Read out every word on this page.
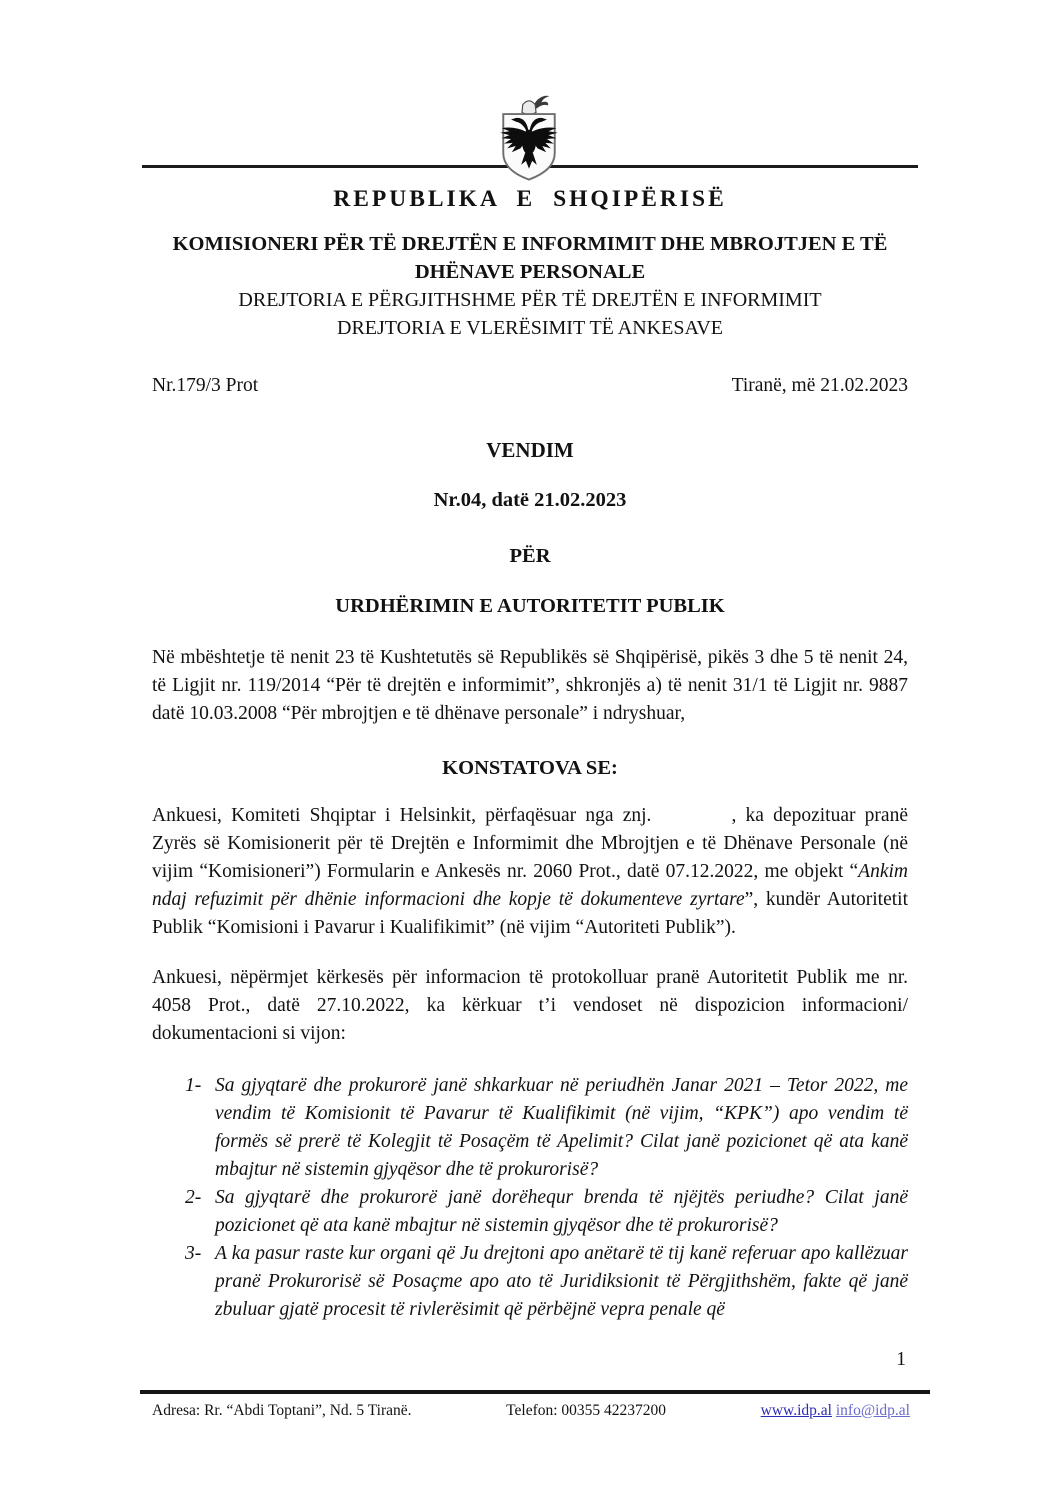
REPUBLIKA E SHQIPËRISË
KOMISIONERI PËR TË DREJTËN E INFORMIMIT DHE MBROJTJEN E TË
DHËNAVE PERSONALE
DREJTORIA E PËRGJITHSHME PËR TË DREJTËN E INFORMIMIT
DREJTORIA E VLERËSIMIT TË ANKESAVE
Nr.179/3 Prot	Tiranë, më 21.02.2023
VENDIM
Nr.04, datë 21.02.2023
PËR
URDHËRIMIN E AUTORITETIT PUBLIK
Në mbështetje të nenit 23 të Kushtetutës së Republikës së Shqipërisë, pikës 3 dhe 5 të nenit 24, të Ligjit nr. 119/2014 “Për të drejtën e informimit”, shkronjës a) të nenit 31/1 të Ligjit nr. 9887 datë 10.03.2008 “Për mbrojtjen e të dhënave personale” i ndryshuar,
KONSTATOVA SE:
Ankuesi, Komiteti Shqiptar i Helsinkit, përfaqësuar nga znj.	, ka depozituar pranë Zyrës së Komisionerit për të Drejtën e Informimit dhe Mbrojtjen e të Dhënave Personale (në vijim “Komisioneri”) Formularin e Ankesës nr. 2060 Prot., datë 07.12.2022, me objekt “Ankim ndaj refuzimit për dhënie informacioni dhe kopje të dokumenteve zyrtare”, kundër Autoritetit Publik “Komisioni i Pavarur i Kualifikimit” (në vijim “Autoriteti Publik”).
Ankuesi, nëpërmjet kërkesës për informacion të protokolluar pranë Autoritetit Publik me nr. 4058 Prot., datë 27.10.2022, ka kërkuar t’i vendoset në dispozicion informacioni/ dokumentacioni si vijon:
1- Sa gjyqtarë dhe prokurorë janë shkarkuar në periudhën Janar 2021 – Tetor 2022, me vendim të Komisionit të Pavarur të Kualifikimit (në vijim, “KPK”) apo vendim të formës së prerë të Kolegjit të Posaçëm të Apelimit? Cilat janë pozicionet që ata kanë mbajtur në sistemin gjyqësor dhe të prokurorisë?
2- Sa gjyqtarë dhe prokurorë janë dorëhequr brenda të njëjtës periudhe? Cilat janë pozicionet që ata kanë mbajtur në sistemin gjyqësor dhe të prokurorisë?
3- A ka pasur raste kur organi që Ju drejtoni apo anëtarë të tij kanë referuar apo kallëzuar pranë Prokurorisë së Posaçme apo ato të Juridiksionit të Përgjithshëm, fakte që janë zbuluar gjatë procesit të rivlerësimit që përbëjnë vepra penale që
1
Adresa: Rr. “Abdi Toptani”, Nd. 5 Tiranë.	Telefon: 00355 42237200	www.idp.al info@idp.al
